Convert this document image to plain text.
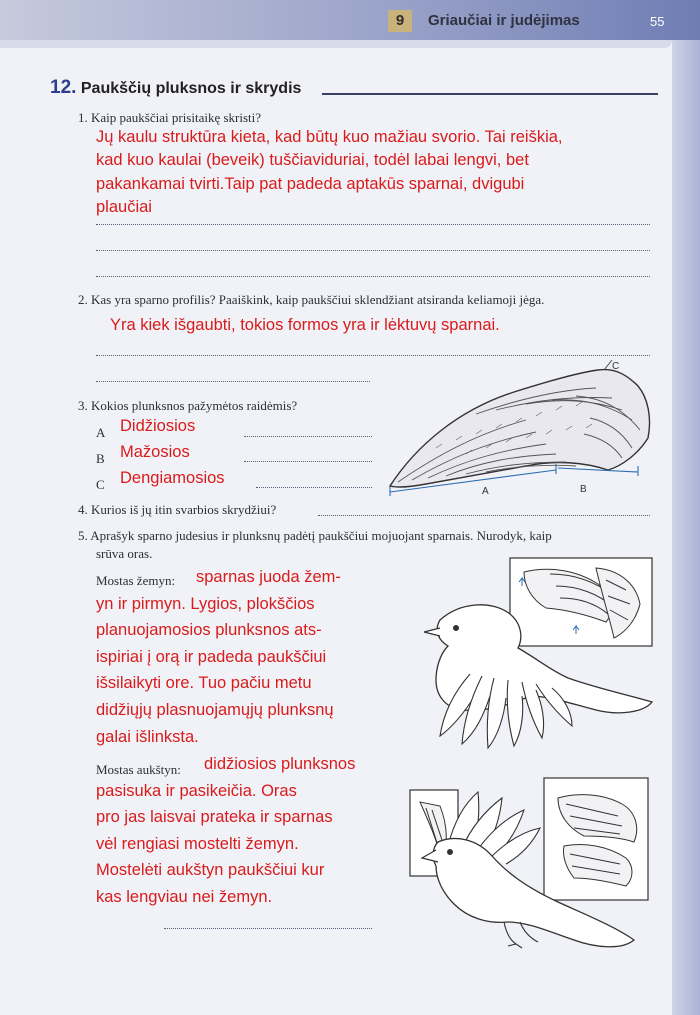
9	Griaučiai ir judėjimas	55
12. Paukščių pluksnos ir skrydis
1. Kaip paukščiai prisitaikę skristi?
Jų kaulu struktūra kieta, kad būtų kuo mažiau svorio. Tai reiškia,
kad kuo kaulai (beveik) tuščiaviduriai, todėl labai lengvi, bet
pakankamai tvirti.Taip pat padeda aptakūs sparnai, dvigubi
plaučiai
2. Kas yra sparno profilis? Paaiškink, kaip paukščiui sklendžiant atsiranda keliamoji jėga.
Yra kiek išgaubti, tokios formos yra ir lėktuvų sparnai.
3. Kokios plunksnos pažymėtos raidėmis?
A Didžiosios
B Mažosios
C Dengiamosios
C
A	B
4. Kurios iš jų itin svarbios skrydžiui?
5. Aprašyk sparno judesius ir plunksnų padėtį paukščiui mojuojant sparnais. Nurodyk, kaip
srūva oras.
Mostas žemyn:	sparnas juoda žem-
yn ir pirmyn. Lygios, plokščios
planuojamosios plunksnos ats-
ispiriai į orą ir padeda paukščiui
išsilaikyti ore. Tuo pačiu metu
didžiųjų plasnuojamųjų plunksnų
galai išlinksta.
Mostas aukštyn:	didžiosios plunksnos
pasisuka ir pasikeičia. Oras
pro jas laisvai prateka ir sparnas
vėl rengiasi mostelti žemyn.
Mostelėti aukštyn paukščiui kur
kas lengviau nei žemyn.
